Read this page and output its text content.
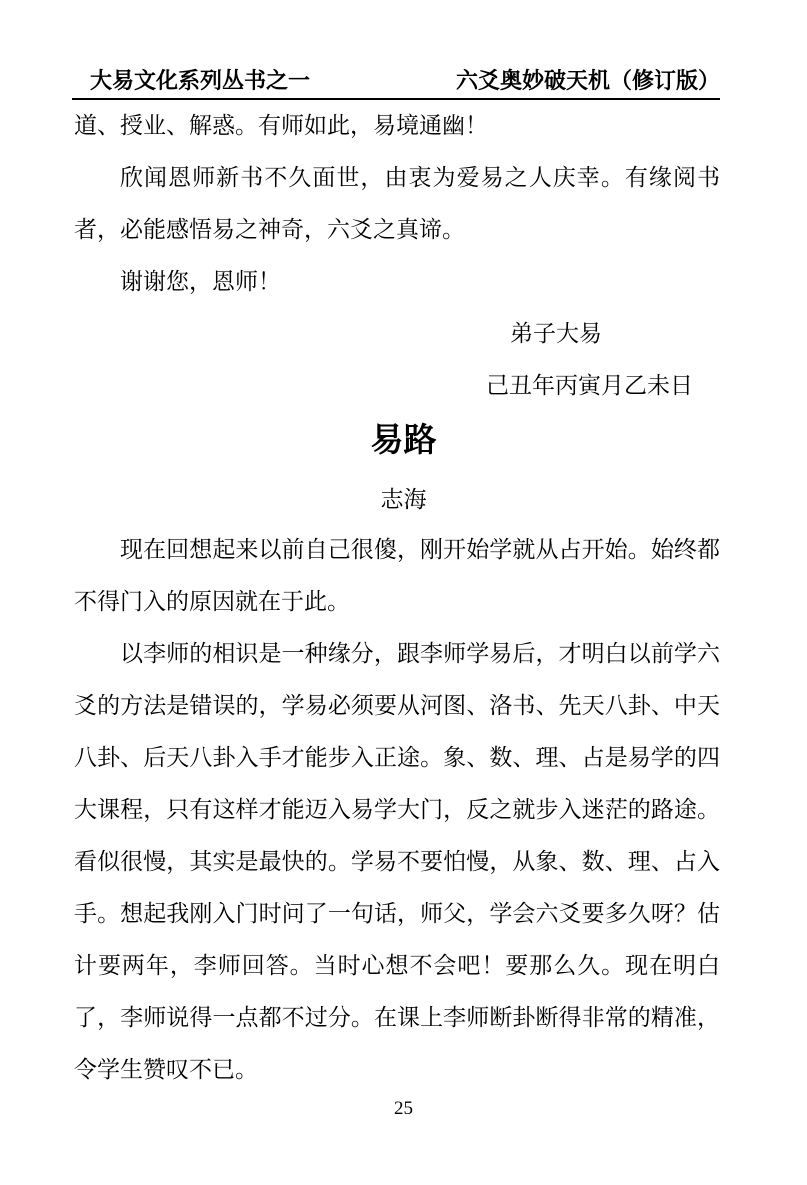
大易文化系列丛书之一	六爻奥妙破天机（修订版）

道、授业、解惑。有师如此，易境通幽！

欣闻恩师新书不久面世，由衷为爱易之人庆幸。有缘阅书者，必能感悟易之神奇，六爻之真谛。

谢谢您，恩师！

弟子大易

己丑年丙寅月乙未日

易路
志海

现在回想起来以前自己很傻，刚开始学就从占开始。始终都不得门入的原因就在于此。

以李师的相识是一种缘分，跟李师学易后，才明白以前学六爻的方法是错误的，学易必须要从河图、洛书、先天八卦、中天八卦、后天八卦入手才能步入正途。象、数、理、占是易学的四大课程，只有这样才能迈入易学大门，反之就步入迷茫的路途。看似很慢，其实是最快的。学易不要怕慢，从象、数、理、占入手。想起我刚入门时问了一句话，师父，学会六爻要多久呀？估计要两年，李师回答。当时心想不会吧！要那么久。现在明白了，李师说得一点都不过分。在课上李师断卦断得非常的精准，令学生赞叹不已。

25
